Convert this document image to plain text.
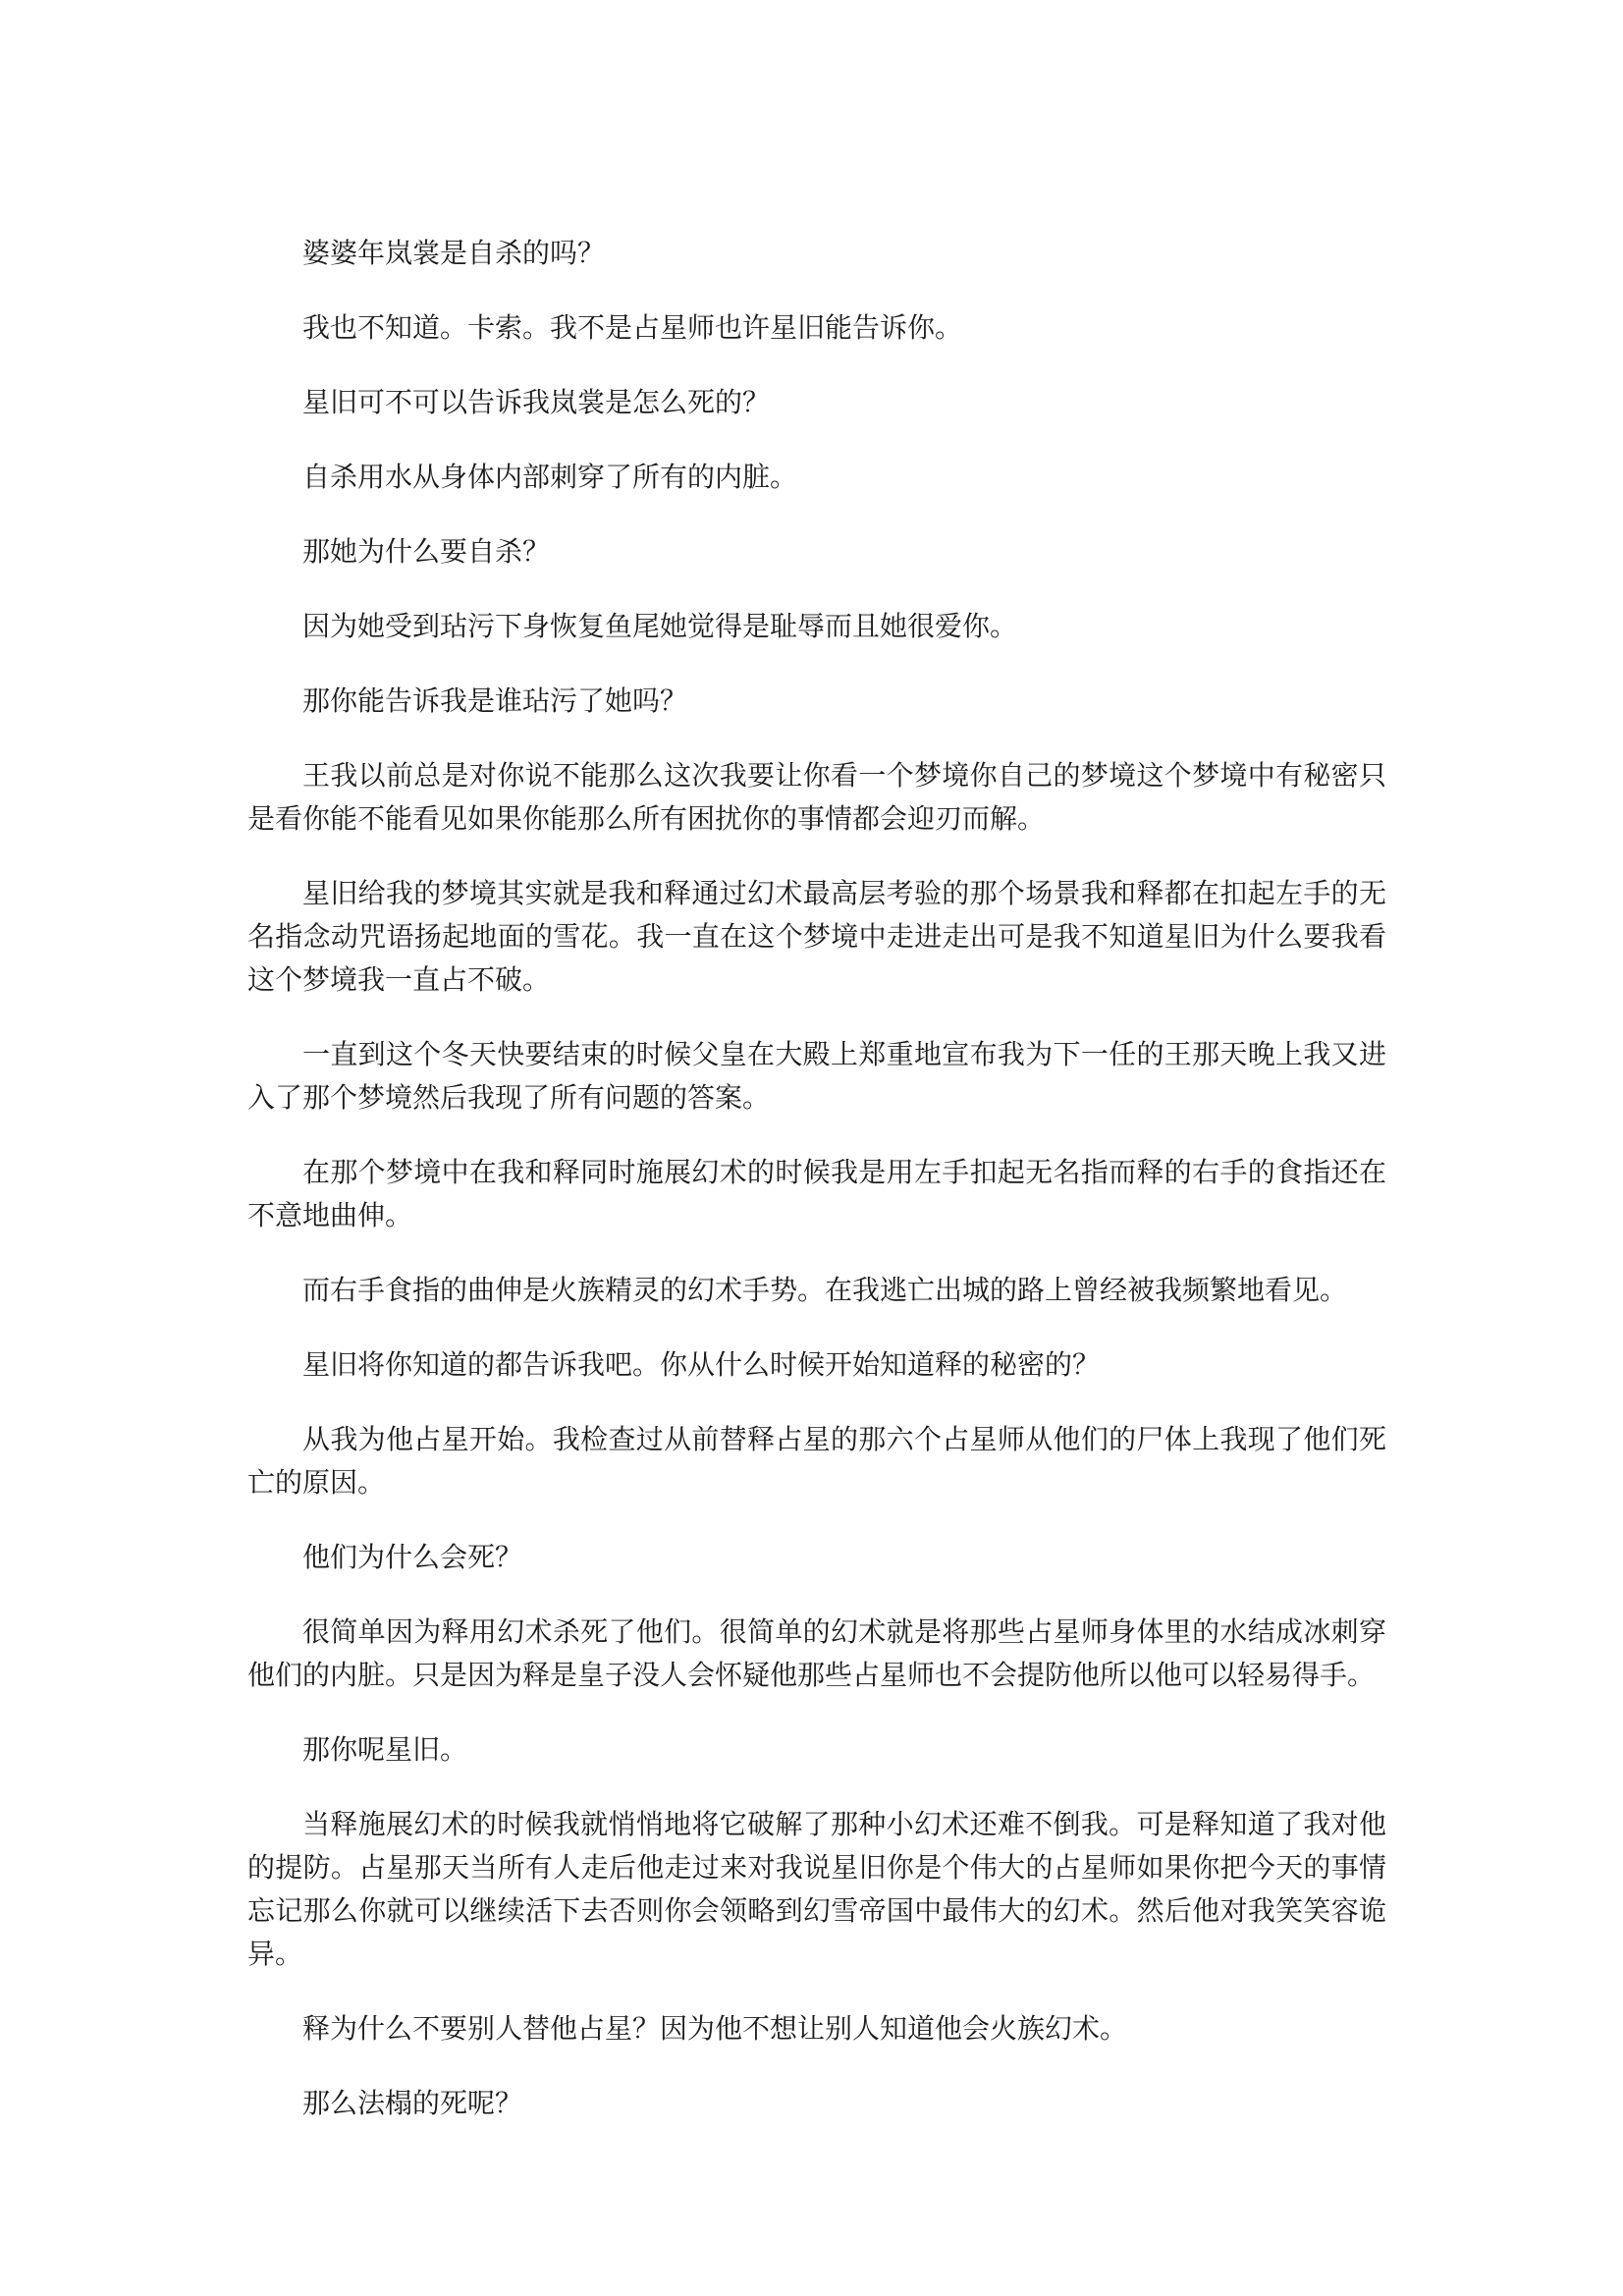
婆婆年岚裳是自杀的吗？

我也不知道。卡索。我不是占星师也许星旧能告诉你。

星旧可不可以告诉我岚裳是怎么死的？

自杀用水从身体内部刺穿了所有的内脏。

那她为什么要自杀？

因为她受到玷污下身恢复鱼尾她觉得是耻辱而且她很爱你。

那你能告诉我是谁玷污了她吗？

王我以前总是对你说不能那么这次我要让你看一个梦境你自己的梦境这个梦境中有秘密只是看你能不能看见如果你能那么所有困扰你的事情都会迎刃而解。

星旧给我的梦境其实就是我和释通过幻术最高层考验的那个场景我和释都在扣起左手的无名指念动咒语扬起地面的雪花。我一直在这个梦境中走进走出可是我不知道星旧为什么要我看这个梦境我一直占不破。

一直到这个冬天快要结束的时候父皇在大殿上郑重地宣布我为下一任的王那天晚上我又进入了那个梦境然后我现了所有问题的答案。

在那个梦境中在我和释同时施展幻术的时候我是用左手扣起无名指而释的右手的食指还在不意地曲伸。

而右手食指的曲伸是火族精灵的幻术手势。在我逃亡出城的路上曾经被我频繁地看见。

星旧将你知道的都告诉我吧。你从什么时候开始知道释的秘密的？

从我为他占星开始。我检查过从前替释占星的那六个占星师从他们的尸体上我现了他们死亡的原因。

他们为什么会死？

很简单因为释用幻术杀死了他们。很简单的幻术就是将那些占星师身体里的水结成冰刺穿他们的内脏。只是因为释是皇子没人会怀疑他那些占星师也不会提防他所以他可以轻易得手。

那你呢星旧。

当释施展幻术的时候我就悄悄地将它破解了那种小幻术还难不倒我。可是释知道了我对他的提防。占星那天当所有人走后他走过来对我说星旧你是个伟大的占星师如果你把今天的事情忘记那么你就可以继续活下去否则你会领略到幻雪帝国中最伟大的幻术。然后他对我笑笑容诡异。

释为什么不要别人替他占星？因为他不想让别人知道他会火族幻术。

那么法榻的死呢？
